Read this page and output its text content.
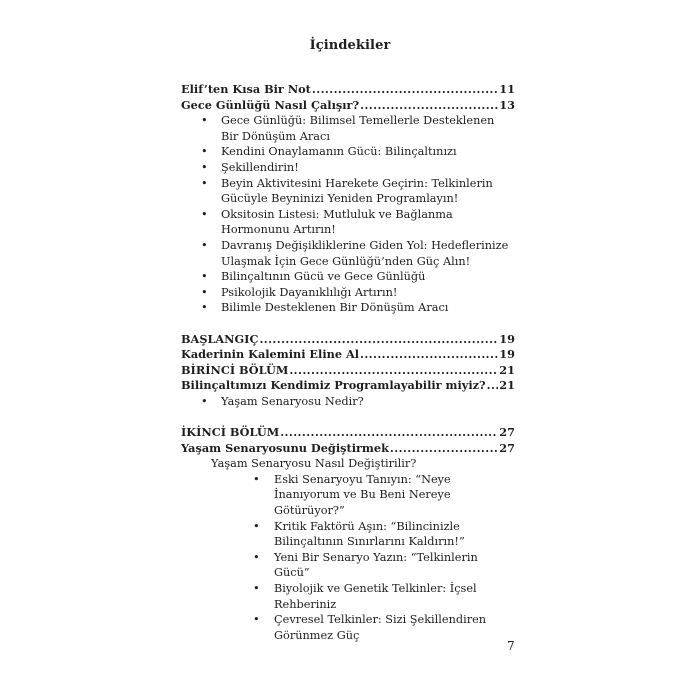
İçindekiler
Elif’ten Kısa Bir Not .....	11
Gece Günlüğü Nasıl Çalışır? .....	13
• Gece Günlüğü: Bilimsel Temellerle Desteklenen Bir Dönüşüm Aracı
• Kendini Onaylamanın Gücü: Bilinçaltınızı
• Şekillendirin!
• Beyin Aktivitesini Harekete Geçirin: Telkinlerin Gücüyle Beyninizi Yeniden Programlayın!
• Oksitosin Listesi: Mutluluk ve Bağlanma Hormonunu Artırın!
• Davranış Değişikliklerine Giden Yol: Hedeflerinize Ulaşmak İçin Gece Günlüğü’nden Güç Alın!
• Bilinçaltının Gücü ve Gece Günlüğü
• Psikolojik Dayanıklılığı Artırın!
• Bilimle Desteklenen Bir Dönüşüm Aracı
BAŞLANGIÇ .....	19
Kaderinin Kalemini Eline Al .....	19
BİRİNCİ BÖLÜM .....	21
Bilinçaltımızı Kendimiz Programlayabilir miyiz? ..... 21
• Yaşam Senaryosu Nedir?
İKİNCİ BÖLÜM .....	27
Yaşam Senaryosunu Değiştirmek .....	27
Yaşam Senaryosu Nasıl Değiştirilir?
• Eski Senaryoyu Tanıyın: “Neye İnanıyorum ve Bu Beni Nereye Götürüyor?”
• Kritik Faktörü Aşın: “Bilincinizle Bilinçaltının Sınırlarını Kaldırın!”
• Yeni Bir Senaryo Yazın: “Telkinlerin Gücü”
• Biyolojik ve Genetik Telkinler: İçsel Rehberiniz
• Çevresel Telkinler: Sizi Şekillendiren Görünmez Güç
7
